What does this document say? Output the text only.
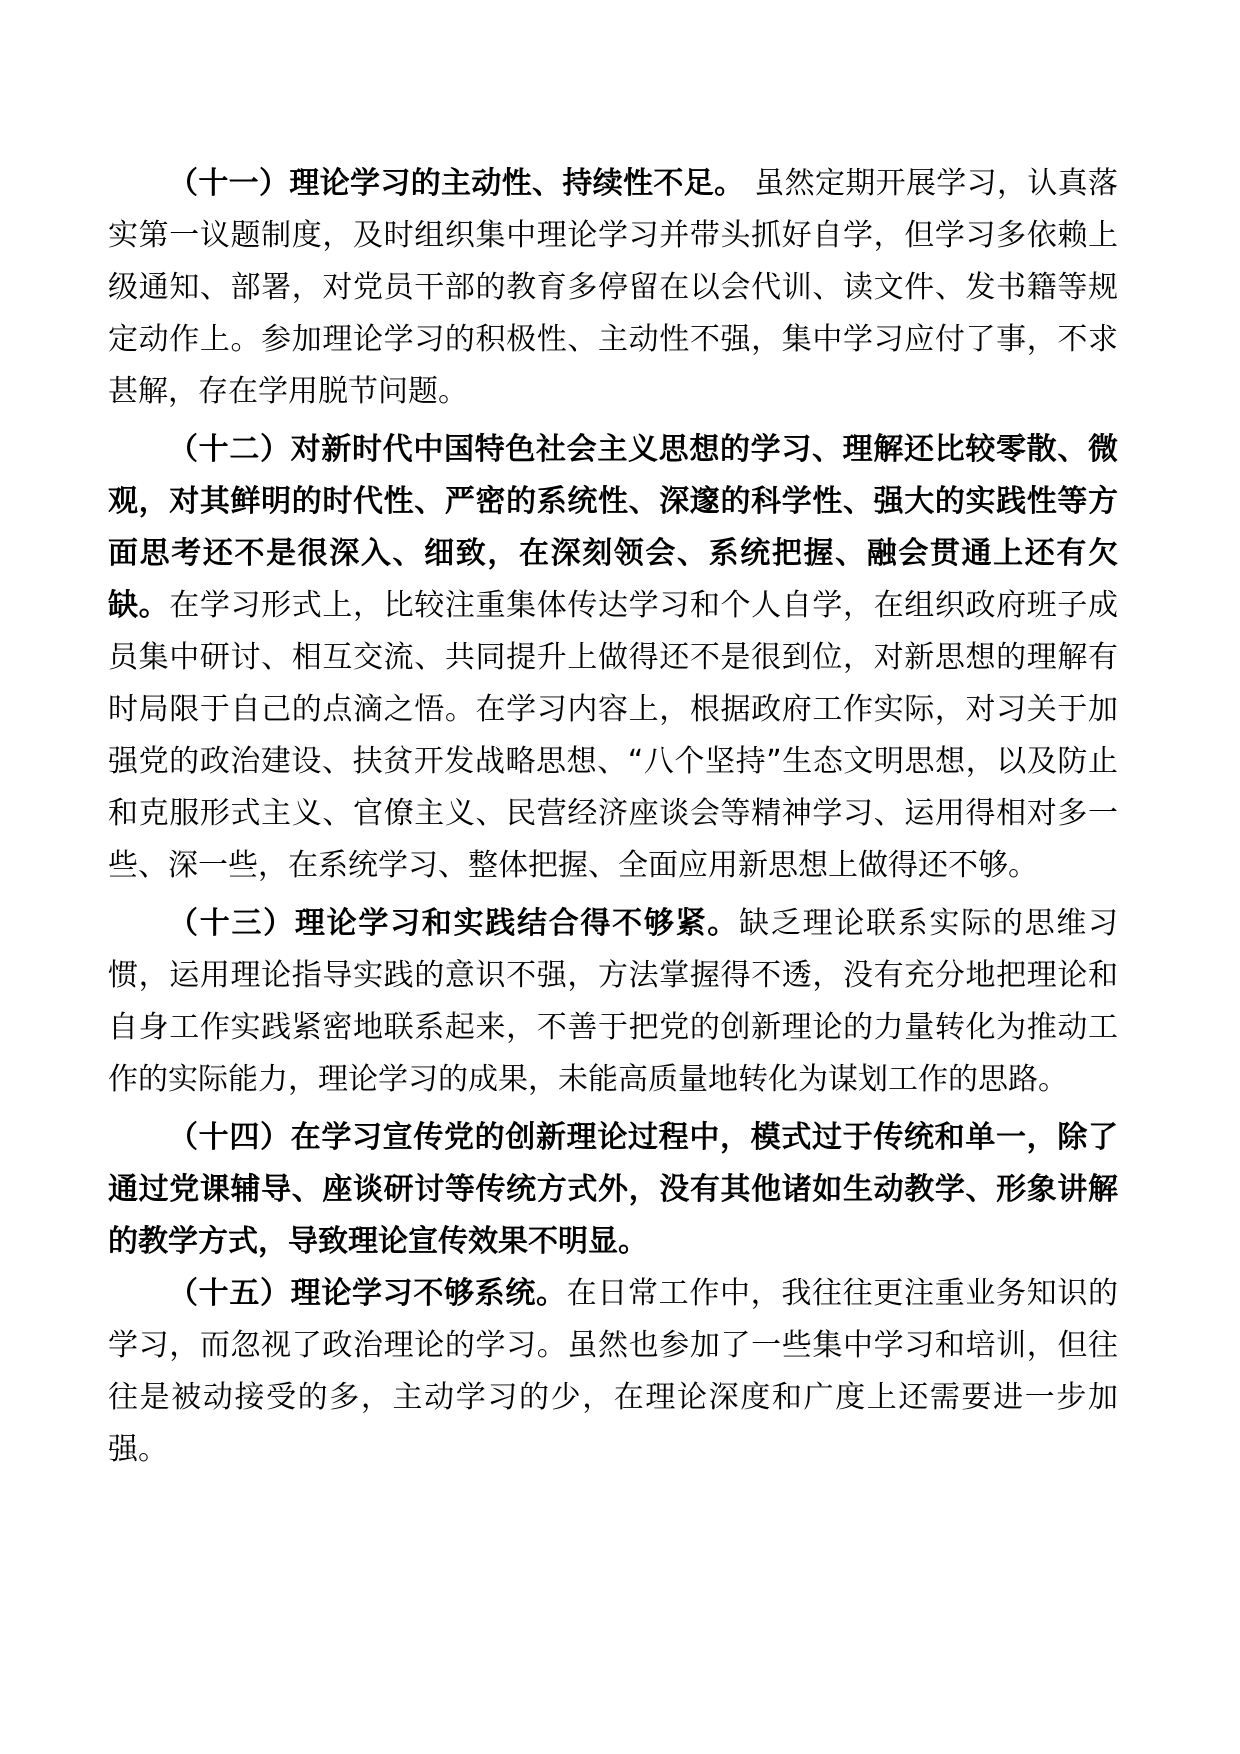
（十一）理论学习的主动性、持续性不足。 虽然定期开展学习，认真落实第一议题制度，及时组织集中理论学习并带头抓好自学，但学习多依赖上级通知、部署，对党员干部的教育多停留在以会代训、读文件、发书籍等规定动作上。参加理论学习的积极性、主动性不强，集中学习应付了事，不求甚解，存在学用脱节问题。

（十二）对新时代中国特色社会主义思想的学习、理解还比较零散、微观，对其鲜明的时代性、严密的系统性、深邃的科学性、强大的实践性等方面思考还不是很深入、细致，在深刻领会、系统把握、融会贯通上还有欠缺。在学习形式上，比较注重集体传达学习和个人自学，在组织政府班子成员集中研讨、相互交流、共同提升上做得还不是很到位，对新思想的理解有时局限于自己的点滴之悟。在学习内容上，根据政府工作实际，对习关于加强党的政治建设、扶贫开发战略思想、“八个坚持”生态文明思想，以及防止和克服形式主义、官僚主义、民营经济座谈会等精神学习、运用得相对多一些、深一些，在系统学习、整体把握、全面应用新思想上做得还不够。

（十三）理论学习和实践结合得不够紧。缺乏理论联系实际的思维习惯，运用理论指导实践的意识不强，方法掌握得不透，没有充分地把理论和自身工作实践紧密地联系起来，不善于把党的创新理论的力量转化为推动工作的实际能力，理论学习的成果，未能高质量地转化为谋划工作的思路。

（十四）在学习宣传党的创新理论过程中，模式过于传统和单一，除了通过党课辅导、座谈研讨等传统方式外，没有其他诸如生动教学、形象讲解的教学方式，导致理论宣传效果不明显。

（十五）理论学习不够系统。在日常工作中，我往往更注重业务知识的学习，而忽视了政治理论的学习。虽然也参加了一些集中学习和培训，但往往是被动接受的多，主动学习的少，在理论深度和广度上还需要进一步加强。
